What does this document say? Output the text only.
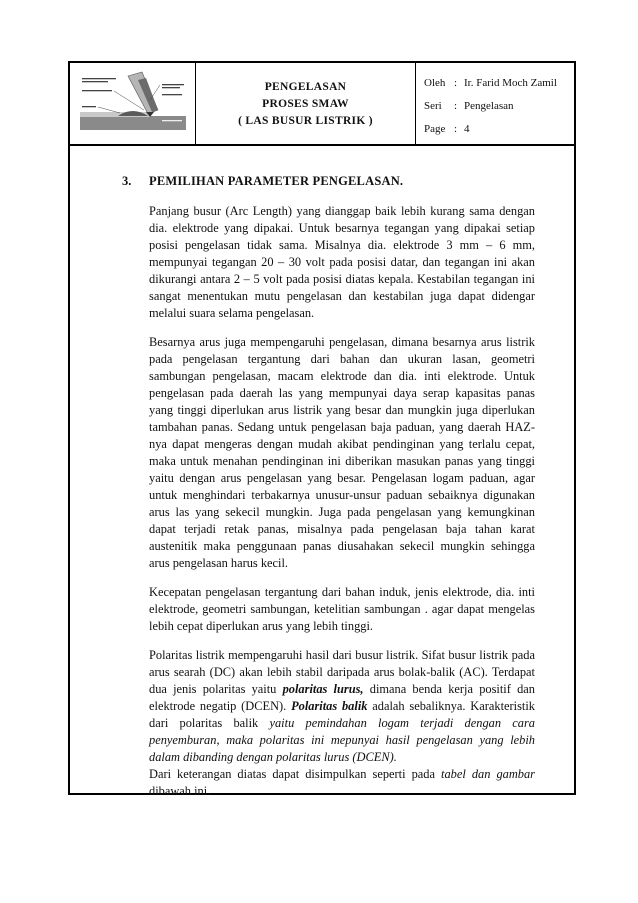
PENGELASAN
PROSES SMAW
( LAS BUSUR LISTRIK )
Oleh : Ir. Farid Moch Zamil
Seri	: Pengelasan
Page : 4
3. PEMILIHAN PARAMETER PENGELASAN.
Panjang busur (Arc Length) yang dianggap baik lebih kurang sama dengan dia. elektrode yang dipakai. Untuk besarnya tegangan yang dipakai setiap posisi pengelasan tidak sama. Misalnya dia. elektrode 3 mm – 6 mm, mempunyai tegangan 20 – 30 volt pada posisi datar, dan tegangan ini akan dikurangi antara 2 – 5 volt pada posisi diatas kepala. Kestabilan tegangan ini sangat menentukan mutu pengelasan dan kestabilan juga dapat didengar melalui suara selama pengelasan.
Besarnya arus juga mempengaruhi pengelasan, dimana besarnya arus listrik pada pengelasan tergantung dari bahan dan ukuran lasan, geometri sambungan pengelasan, macam elektrode dan dia. inti elektrode. Untuk pengelasan pada daerah las yang mempunyai daya serap kapasitas panas yang tinggi diperlukan arus listrik yang besar dan mungkin juga diperlukan tambahan panas. Sedang untuk pengelasan baja paduan, yang daerah HAZ-nya dapat mengeras dengan mudah akibat pendinginan yang terlalu cepat, maka untuk menahan pendinginan ini diberikan masukan panas yang tinggi yaitu dengan arus pengelasan yang besar. Pengelasan logam paduan, agar untuk menghindari terbakarnya unusur-unsur paduan sebaiknya digunakan arus las yang sekecil mungkin. Juga pada pengelasan yang kemungkinan dapat terjadi retak panas, misalnya pada pengelasan baja tahan karat austenitik maka penggunaan panas diusahakan sekecil mungkin sehingga arus pengelasan harus kecil.
Kecepatan pengelasan tergantung dari bahan induk, jenis elektrode, dia. inti elektrode, geometri sambungan, ketelitian sambungan . agar dapat mengelas lebih cepat diperlukan arus yang lebih tinggi.
Polaritas listrik mempengaruhi hasil dari busur listrik. Sifat busur listrik pada arus searah (DC) akan lebih stabil daripada arus bolak-balik (AC). Terdapat dua jenis polaritas yaitu polaritas lurus, dimana benda kerja positif dan elektrode negatip (DCEN). Polaritas balik adalah sebaliknya. Karakteristik dari polaritas balik yaitu pemindahan logam terjadi dengan cara penyemburan, maka polaritas ini mepunyai hasil pengelasan yang lebih dalam dibanding dengan polaritas lurus (DCEN).
Dari keterangan diatas dapat disimpulkan seperti pada tabel dan gambar dibawah ini.
